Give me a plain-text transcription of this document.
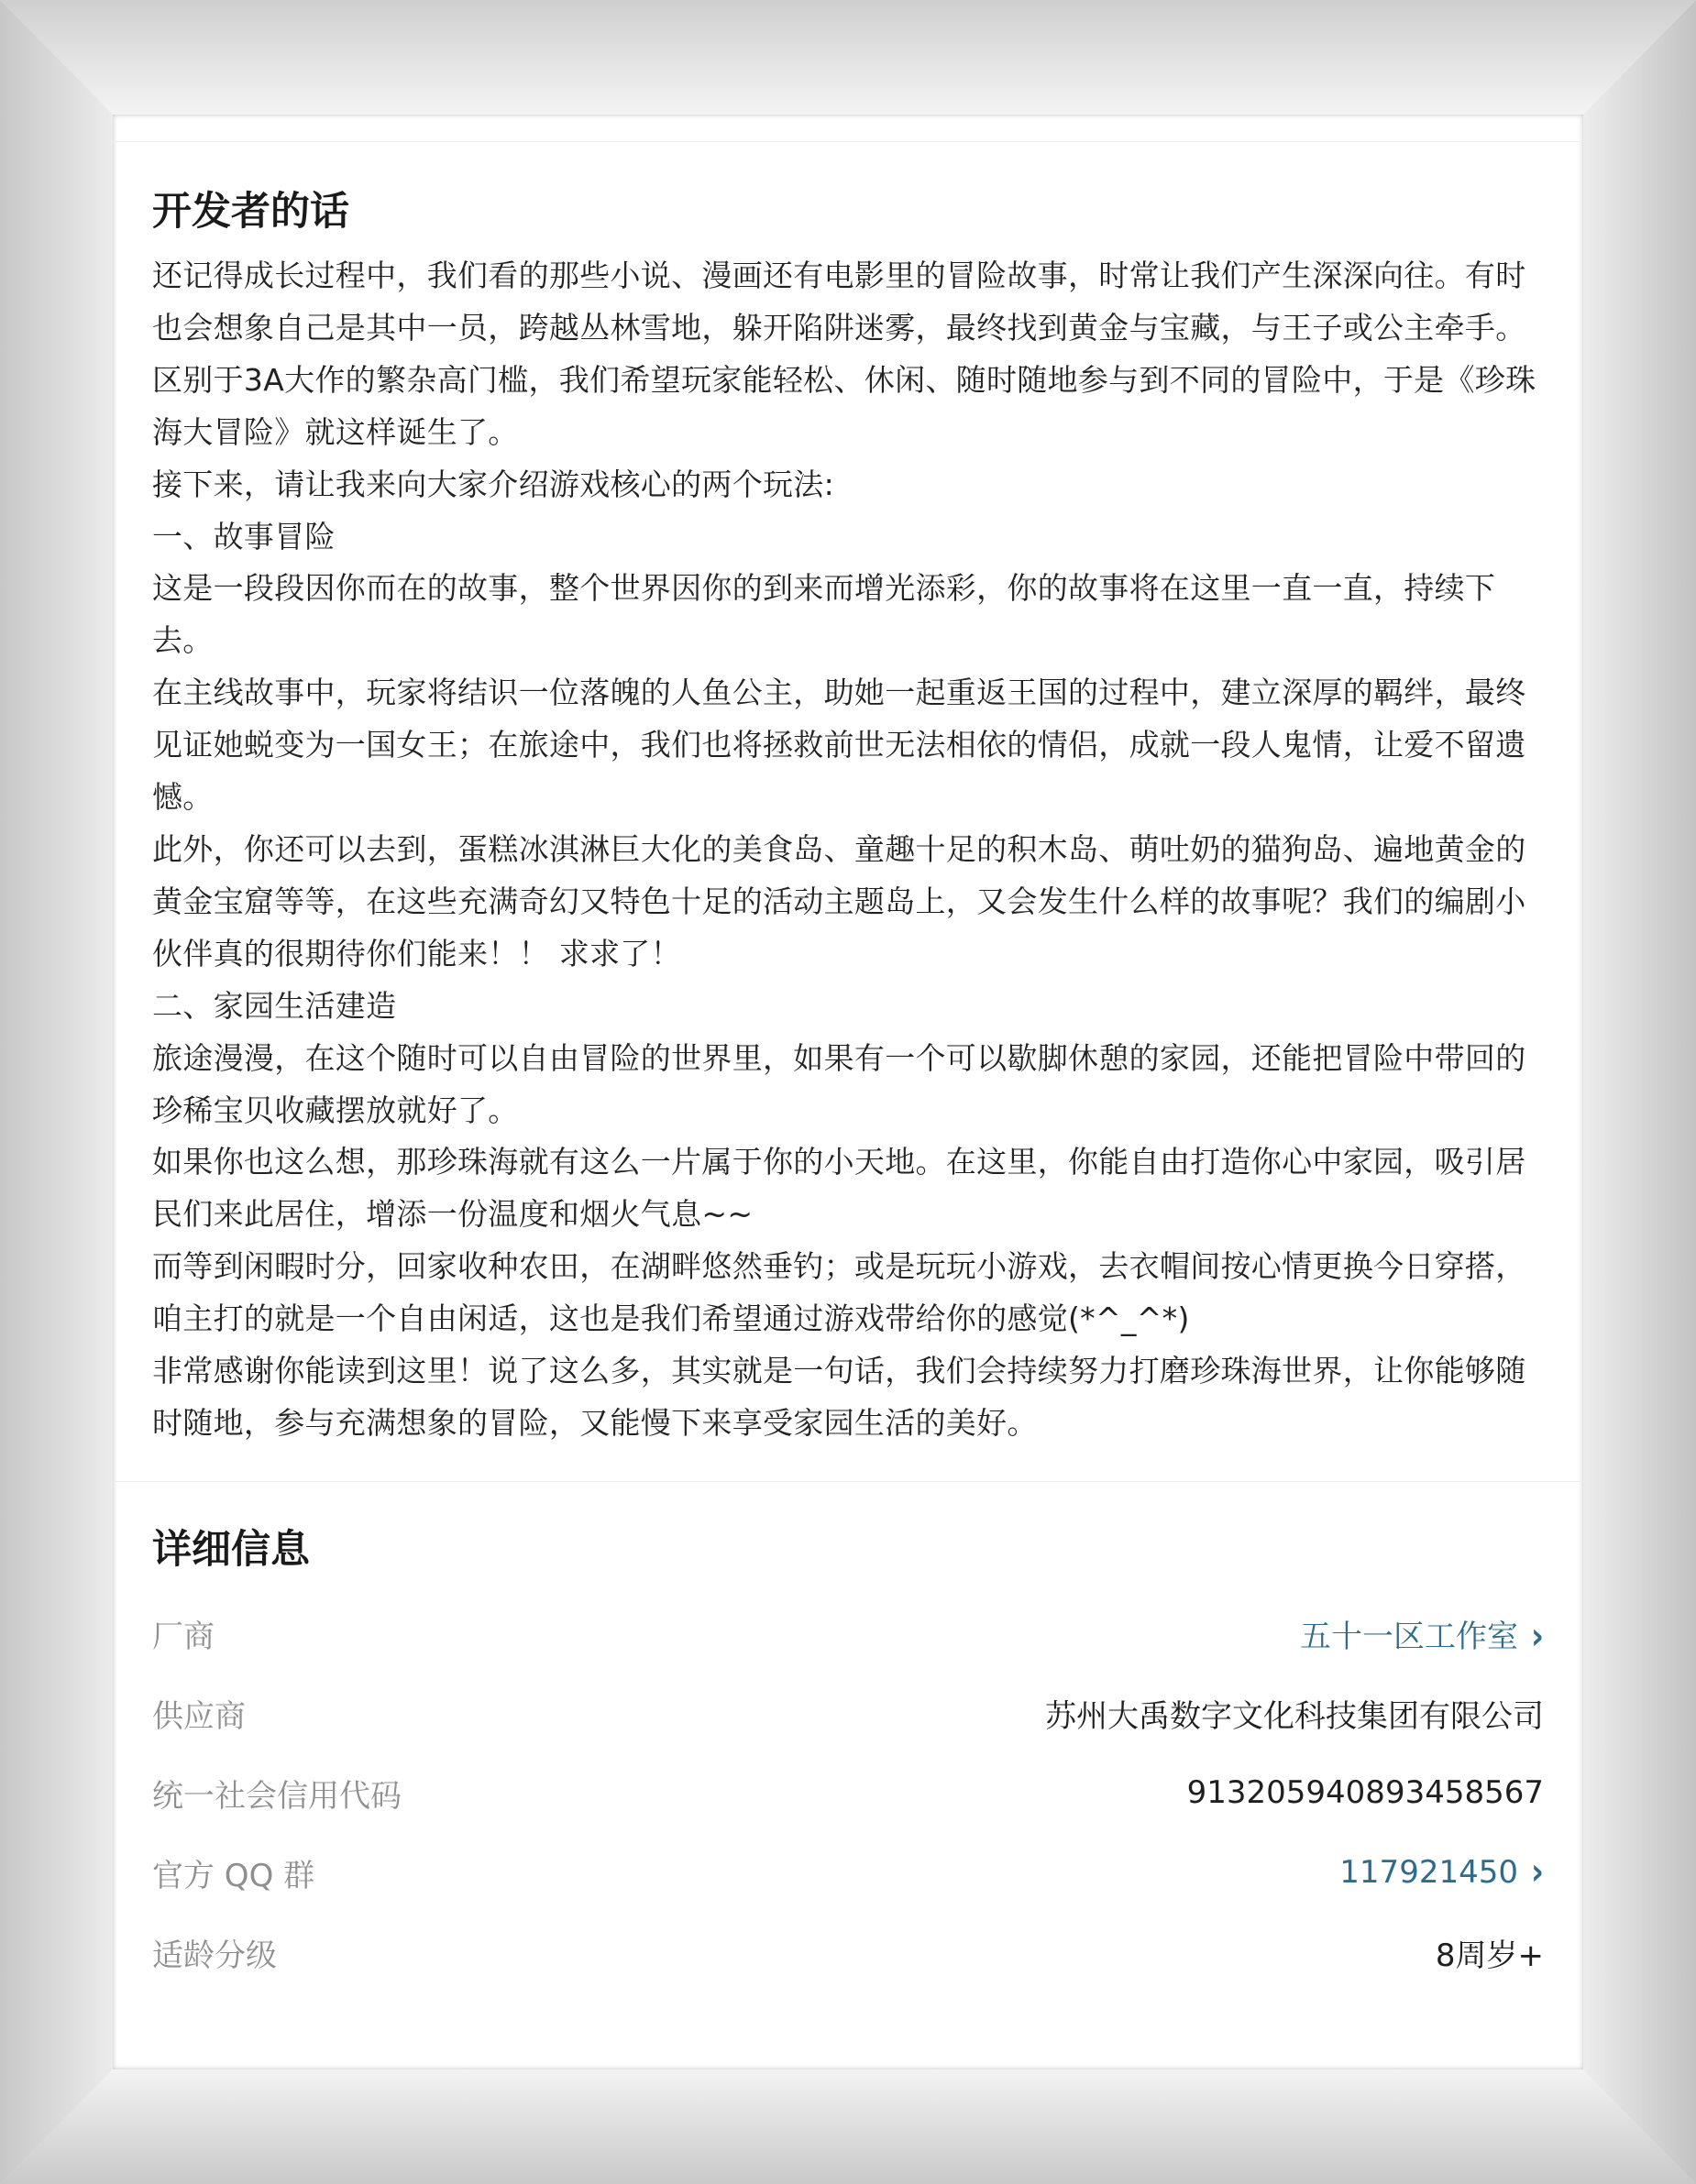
开发者的话

还记得成长过程中，我们看的那些小说、漫画还有电影里的冒险故事，时常让我们产生深深向往。有时也会想象自己是其中一员，跨越丛林雪地，躲开陷阱迷雾，最终找到黄金与宝藏，与王子或公主牵手。

区别于3A大作的繁杂高门槛，我们希望玩家能轻松、休闲、随时随地参与到不同的冒险中，于是《珍珠海大冒险》就这样诞生了。

接下来，请让我来向大家介绍游戏核心的两个玩法:

一、故事冒险

这是一段段因你而在的故事，整个世界因你的到来而增光添彩，你的故事将在这里一直一直，持续下去。

在主线故事中，玩家将结识一位落魄的人鱼公主，助她一起重返王国的过程中，建立深厚的羁绊，最终见证她蜕变为一国女王；在旅途中，我们也将拯救前世无法相依的情侣，成就一段人鬼情，让爱不留遗憾。

此外，你还可以去到，蛋糕冰淇淋巨大化的美食岛、童趣十足的积木岛、萌吐奶的猫狗岛、遍地黄金的黄金宝窟等等，在这些充满奇幻又特色十足的活动主题岛上，又会发生什么样的故事呢？我们的编剧小伙伴真的很期待你们能来！！ 求求了！

二、家园生活建造

旅途漫漫，在这个随时可以自由冒险的世界里，如果有一个可以歇脚休憩的家园，还能把冒险中带回的珍稀宝贝收藏摆放就好了。

如果你也这么想，那珍珠海就有这么一片属于你的小天地。在这里，你能自由打造你心中家园，吸引居民们来此居住，增添一份温度和烟火气息~~

而等到闲暇时分，回家收种农田，在湖畔悠然垂钓；或是玩玩小游戏，去衣帽间按心情更换今日穿搭，咱主打的就是一个自由闲适，这也是我们希望通过游戏带给你的感觉(*^_^*)

非常感谢你能读到这里！说了这么多，其实就是一句话，我们会持续努力打磨珍珠海世界，让你能够随时随地，参与充满想象的冒险，又能慢下来享受家园生活的美好。

详细信息
厂商	五十一区工作室 ›
供应商	苏州大禹数字文化科技集团有限公司
统一社会信用代码	913205940893458567
官方 QQ 群	117921450 ›
适龄分级	8周岁+
